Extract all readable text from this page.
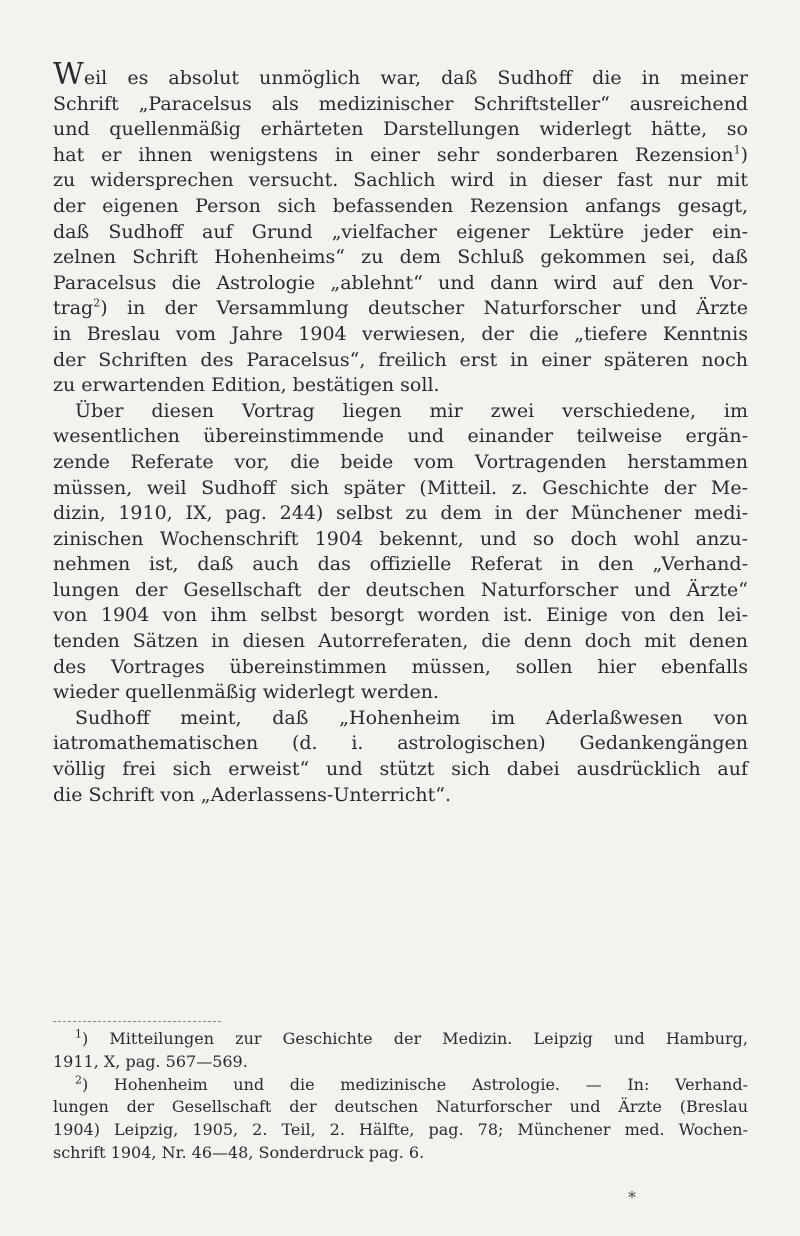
Weil es absolut unmöglich war, daß Sudhoff die in meiner
Schrift „Paracelsus als medizinischer Schriftsteller“ ausreichend
und quellenmäßig erhärteten Darstellungen widerlegt hätte, so
hat er ihnen wenigstens in einer sehr sonderbaren Rezension$^1$)
zu widersprechen versucht. Sachlich wird in dieser fast nur mit
der eigenen Person sich befassenden Rezension anfangs gesagt,
daß Sudhoff auf Grund „vielfacher eigener Lektüre jeder ein-
zelnen Schrift Hohenheims“ zu dem Schluß gekommen sei, daß
Paracelsus die Astrologie „ablehnt“ und dann wird auf den Vor-
trag$^2$) in der Versammlung deutscher Naturforscher und Ärzte
in Breslau vom Jahre 1904 verwiesen, der die „tiefere Kenntnis
der Schriften des Paracelsus“, freilich erst in einer späteren noch
zu erwartenden Edition, bestätigen soll.
Über diesen Vortrag liegen mir zwei verschiedene, im
wesentlichen übereinstimmende und einander teilweise ergän-
zende Referate vor, die beide vom Vortragenden herstammen
müssen, weil Sudhoff sich später (Mitteil. z. Geschichte der Me-
dizin, 1910, IX, pag. 244) selbst zu dem in der Münchener medi-
zinischen Wochenschrift 1904 bekennt, und so doch wohl anzu-
nehmen ist, daß auch das offizielle Referat in den „Verhand-
lungen der Gesellschaft der deutschen Naturforscher und Ärzte“
von 1904 von ihm selbst besorgt worden ist. Einige von den lei-
tenden Sätzen in diesen Autorreferaten, die denn doch mit denen
des Vortrages übereinstimmen müssen, sollen hier ebenfalls
wieder quellenmäßig widerlegt werden.
Sudhoff meint, daß „Hohenheim im Aderlaßwesen von
iatromathematischen (d. i. astrologischen) Gedankengängen
völlig frei sich erweist“ und stützt sich dabei ausdrücklich auf
die Schrift von „Aderlassens-Unterricht“.
$^1$) Mitteilungen zur Geschichte der Medizin. Leipzig und Hamburg,
1911, X, pag. 567—569.
$^2$) Hohenheim und die medizinische Astrologie. — In: Verhand-
lungen der Gesellschaft der deutschen Naturforscher und Ärzte (Breslau
1904) Leipzig, 1905, 2. Teil, 2. Hälfte, pag. 78; Münchener med. Wochen-
schrift 1904, Nr. 46—48, Sonderdruck pag. 6.
*
